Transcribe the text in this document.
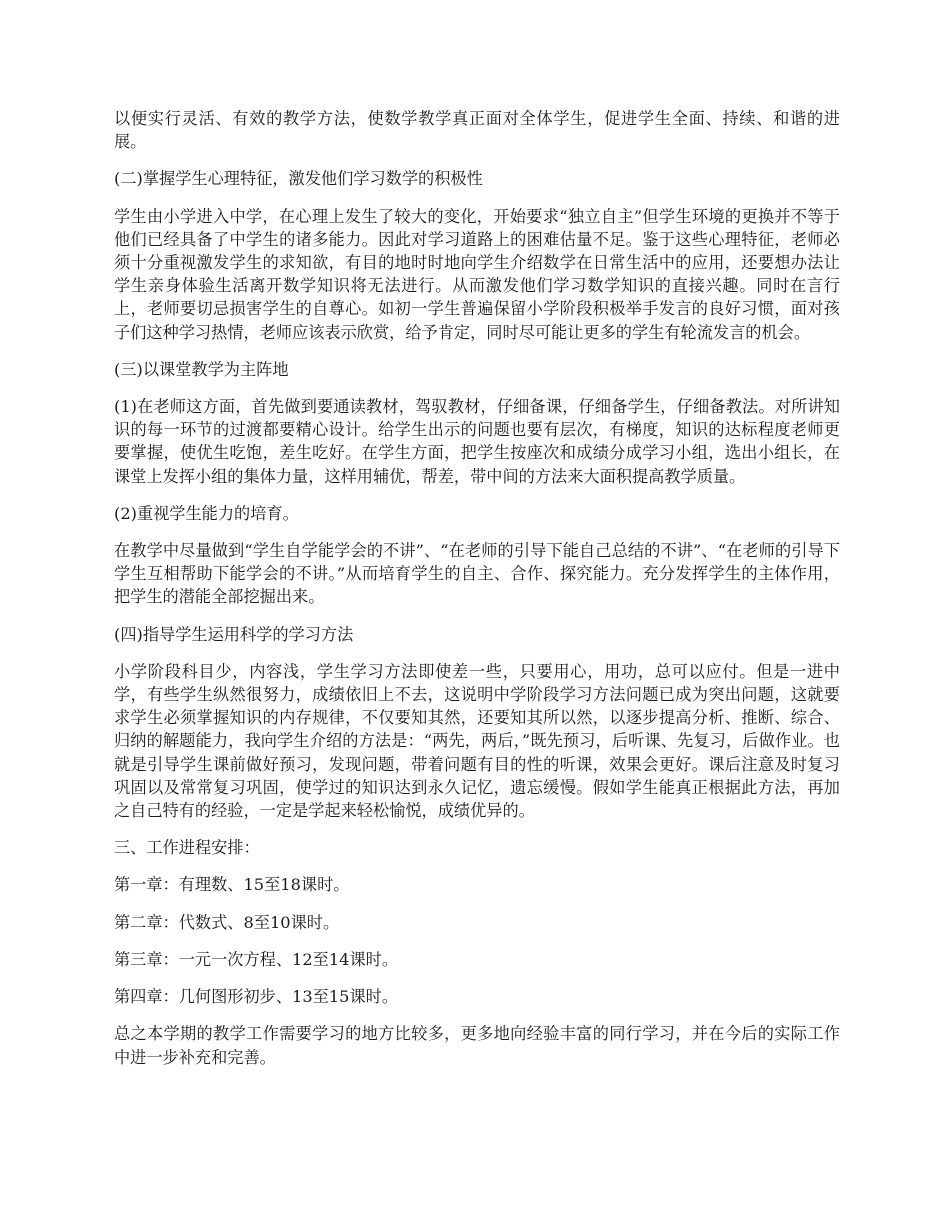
以便实行灵活、有效的教学方法，使数学教学真正面对全体学生，促进学生全面、持续、和谐的进展。

(二)掌握学生心理特征，激发他们学习数学的积极性

学生由小学进入中学，在心理上发生了较大的变化，开始要求“独立自主”但学生环境的更换并不等于他们已经具备了中学生的诸多能力。因此对学习道路上的困难估量不足。鉴于这些心理特征，老师必须十分重视激发学生的求知欲，有目的地时时地向学生介绍数学在日常生活中的应用，还要想办法让学生亲身体验生活离开数学知识将无法进行。从而激发他们学习数学知识的直接兴趣。同时在言行上，老师要切忌损害学生的自尊心。如初一学生普遍保留小学阶段积极举手发言的良好习惯，面对孩子们这种学习热情，老师应该表示欣赏，给予肯定，同时尽可能让更多的学生有轮流发言的机会。

(三)以课堂教学为主阵地

(1)在老师这方面，首先做到要通读教材，驾驭教材，仔细备课，仔细备学生，仔细备教法。对所讲知识的每一环节的过渡都要精心设计。给学生出示的问题也要有层次，有梯度，知识的达标程度老师更要掌握，使优生吃饱，差生吃好。在学生方面，把学生按座次和成绩分成学习小组，选出小组长，在课堂上发挥小组的集体力量，这样用辅优，帮差，带中间的方法来大面积提高教学质量。

(2)重视学生能力的培育。

在教学中尽量做到“学生自学能学会的不讲”、“在老师的引导下能自己总结的不讲”、“在老师的引导下学生互相帮助下能学会的不讲。”从而培育学生的自主、合作、探究能力。充分发挥学生的主体作用，把学生的潜能全部挖掘出来。

(四)指导学生运用科学的学习方法

小学阶段科目少，内容浅，学生学习方法即使差一些，只要用心，用功，总可以应付。但是一进中学，有些学生纵然很努力，成绩依旧上不去，这说明中学阶段学习方法问题已成为突出问题，这就要求学生必须掌握知识的内存规律，不仅要知其然，还要知其所以然，以逐步提高分析、推断、综合、归纳的解题能力，我向学生介绍的方法是：“两先，两后，”既先预习，后听课、先复习，后做作业。也就是引导学生课前做好预习，发现问题，带着问题有目的性的听课，效果会更好。课后注意及时复习巩固以及常常复习巩固，使学过的知识达到永久记忆，遗忘缓慢。假如学生能真正根据此方法，再加之自己特有的经验，一定是学起来轻松愉悦，成绩优异的。

三、工作进程安排：

第一章：有理数、15至18课时。

第二章：代数式、8至10课时。

第三章：一元一次方程、12至14课时。

第四章：几何图形初步、13至15课时。

总之本学期的教学工作需要学习的地方比较多，更多地向经验丰富的同行学习，并在今后的实际工作中进一步补充和完善。
